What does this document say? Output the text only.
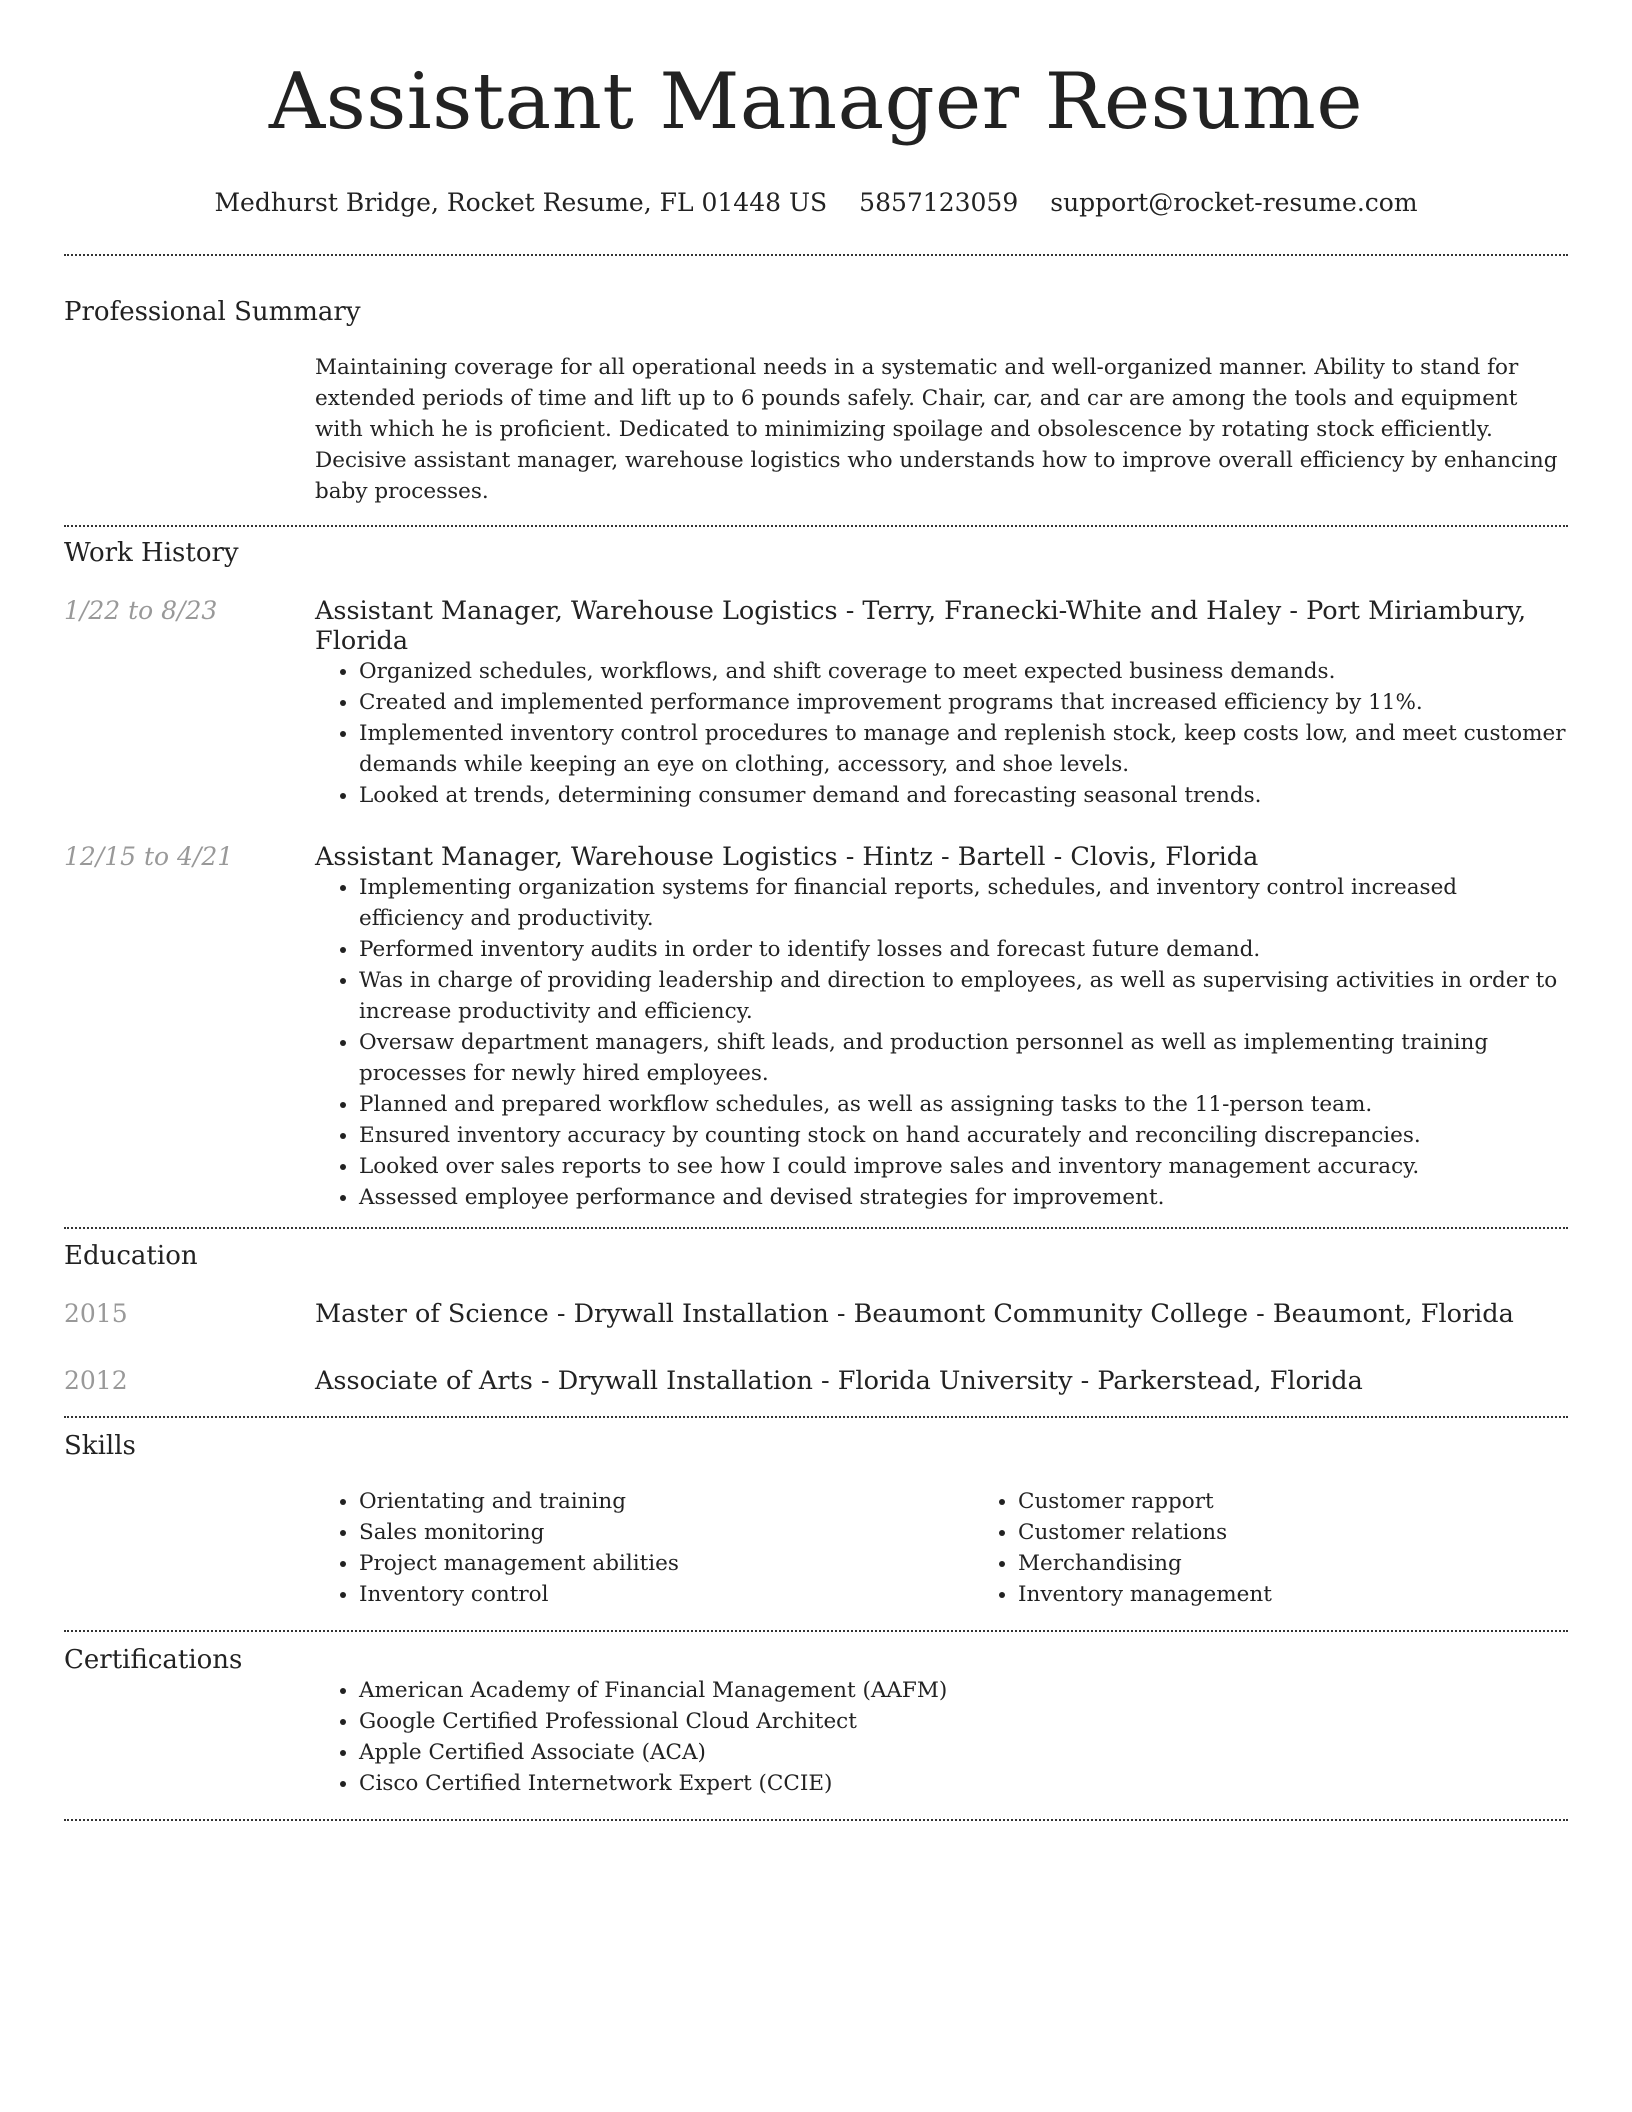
Assistant Manager Resume
Medhurst Bridge, Rocket Resume, FL 01448 US 5857123059 support@rocket-resume.com
Professional Summary
Maintaining coverage for all operational needs in a systematic and well-organized manner. Ability to stand for extended periods of time and lift up to 6 pounds safely. Chair, car, and car are among the tools and equipment with which he is proficient. Dedicated to minimizing spoilage and obsolescence by rotating stock efficiently. Decisive assistant manager, warehouse logistics who understands how to improve overall efficiency by enhancing baby processes.
Work History
1/22 to 8/23	Assistant Manager, Warehouse Logistics - Terry, Franecki-White and Haley - Port Miriambury, Florida
• Organized schedules, workflows, and shift coverage to meet expected business demands.
• Created and implemented performance improvement programs that increased efficiency by 11%.
• Implemented inventory control procedures to manage and replenish stock, keep costs low, and meet customer demands while keeping an eye on clothing, accessory, and shoe levels.
• Looked at trends, determining consumer demand and forecasting seasonal trends.
12/15 to 4/21	Assistant Manager, Warehouse Logistics - Hintz - Bartell - Clovis, Florida
• Implementing organization systems for financial reports, schedules, and inventory control increased efficiency and productivity.
• Performed inventory audits in order to identify losses and forecast future demand.
• Was in charge of providing leadership and direction to employees, as well as supervising activities in order to increase productivity and efficiency.
• Oversaw department managers, shift leads, and production personnel as well as implementing training processes for newly hired employees.
• Planned and prepared workflow schedules, as well as assigning tasks to the 11-person team.
• Ensured inventory accuracy by counting stock on hand accurately and reconciling discrepancies.
• Looked over sales reports to see how I could improve sales and inventory management accuracy.
• Assessed employee performance and devised strategies for improvement.
Education
2015	Master of Science - Drywall Installation - Beaumont Community College - Beaumont, Florida
2012	Associate of Arts - Drywall Installation - Florida University - Parkerstead, Florida
Skills
• Orientating and training
• Sales monitoring
• Project management abilities
• Inventory control
• Customer rapport
• Customer relations
• Merchandising
• Inventory management
Certifications
• American Academy of Financial Management (AAFM)
• Google Certified Professional Cloud Architect
• Apple Certified Associate (ACA)
• Cisco Certified Internetwork Expert (CCIE)
